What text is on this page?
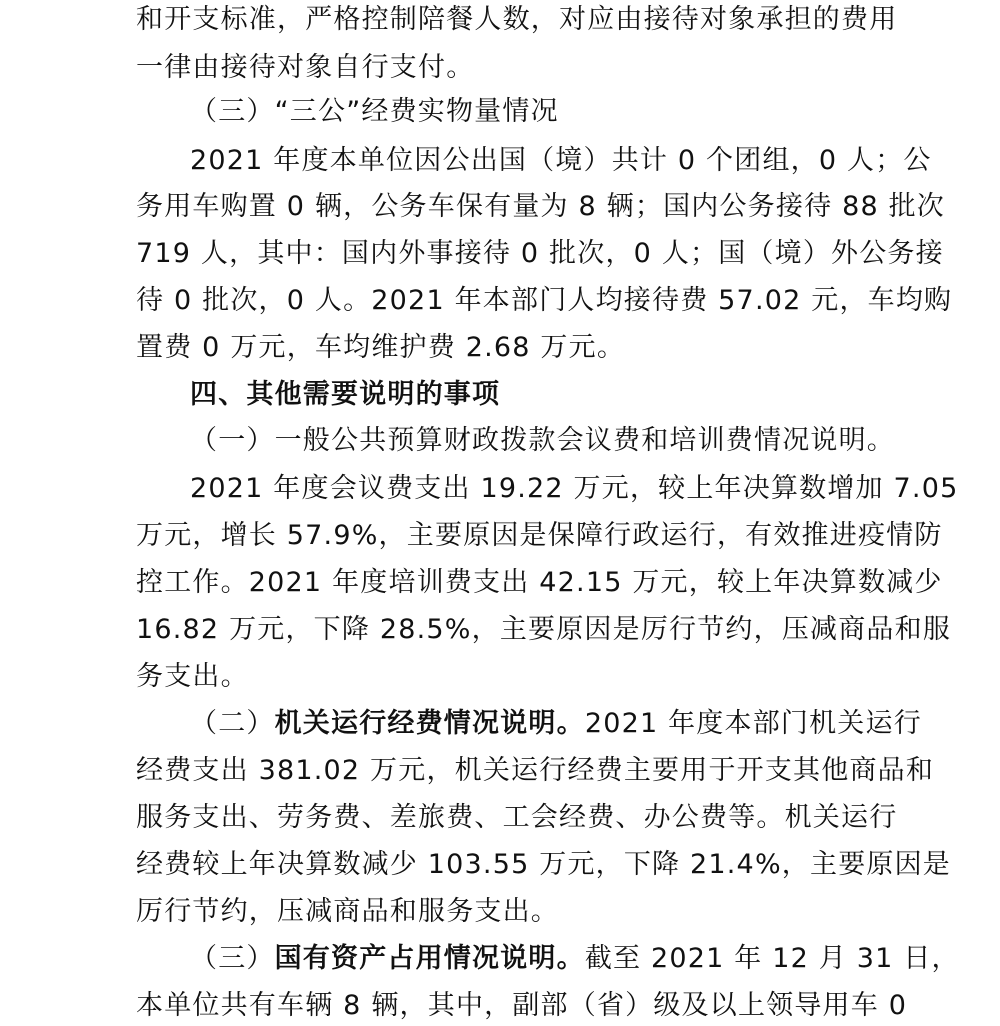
和开支标准，严格控制陪餐人数，对应由接待对象承担的费用
一律由接待对象自行支付。
（三）“三公”经费实物量情况
2021 年度本单位因公出国（境）共计 0 个团组，0 人；公
务用车购置 0 辆，公务车保有量为 8 辆；国内公务接待 88 批次
719 人，其中：国内外事接待 0 批次，0 人；国（境）外公务接
待 0 批次，0 人。2021 年本部门人均接待费 57.02 元，车均购
置费 0 万元，车均维护费 2.68 万元。
四、其他需要说明的事项
（一）一般公共预算财政拨款会议费和培训费情况说明。
2021 年度会议费支出 19.22 万元，较上年决算数增加 7.05
万元，增长 57.9%，主要原因是保障行政运行，有效推进疫情防
控工作。2021 年度培训费支出 42.15 万元，较上年决算数减少
16.82 万元，下降 28.5%，主要原因是厉行节约，压减商品和服
务支出。
（二）机关运行经费情况说明。2021 年度本部门机关运行
经费支出 381.02 万元，机关运行经费主要用于开支其他商品和
服务支出、劳务费、差旅费、工会经费、办公费等。机关运行
经费较上年决算数减少 103.55 万元，下降 21.4%，主要原因是
厉行节约，压减商品和服务支出。
（三）国有资产占用情况说明。截至 2021 年 12 月 31 日，
本单位共有车辆 8 辆，其中，副部（省）级及以上领导用车 0
